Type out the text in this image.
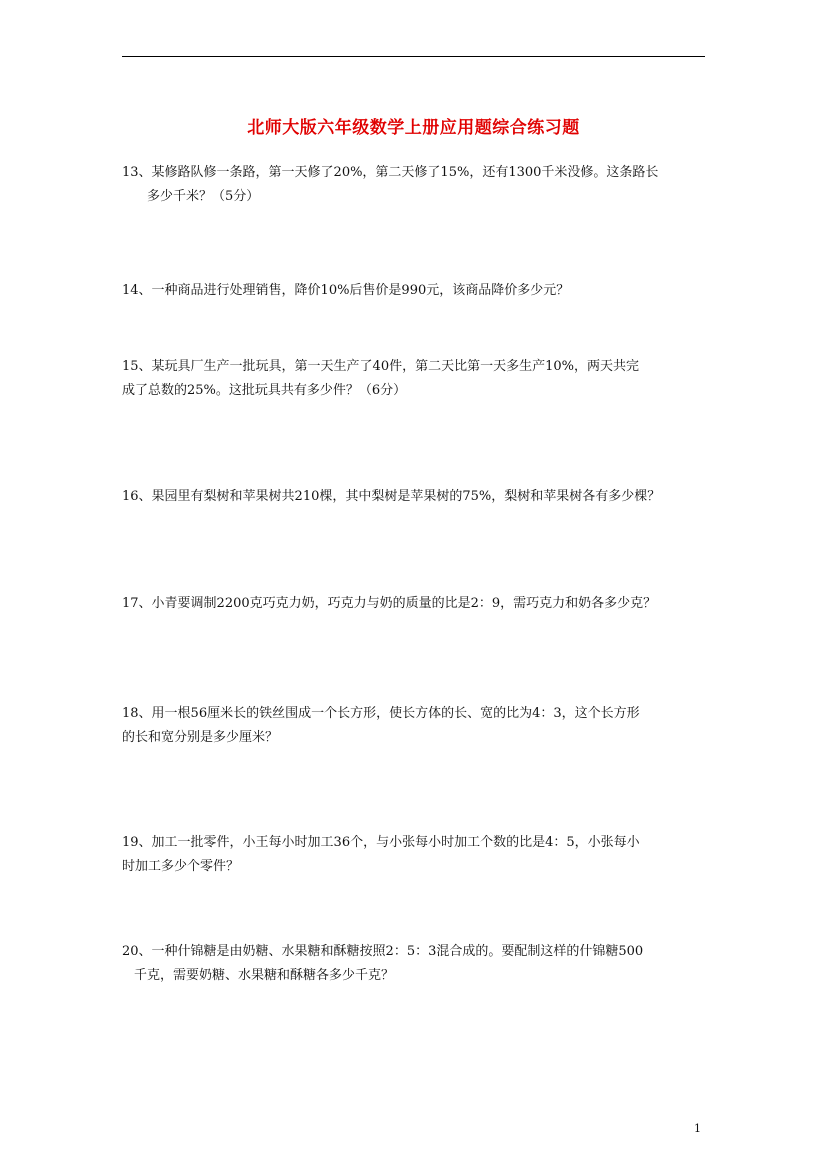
北师大版六年级数学上册应用题综合练习题
13、某修路队修一条路，第一天修了20%，第二天修了15%，还有1300千米没修。这条路长
多少千米？（5分）
14、一种商品进行处理销售，降价10%后售价是990元，该商品降价多少元？
15、某玩具厂生产一批玩具，第一天生产了40件，第二天比第一天多生产10%，两天共完
成了总数的25%。这批玩具共有多少件？（6分）
16、果园里有梨树和苹果树共210棵，其中梨树是苹果树的75%，梨树和苹果树各有多少棵？
17、小青要调制2200克巧克力奶，巧克力与奶的质量的比是2：9，需巧克力和奶各多少克？
18、用一根56厘米长的铁丝围成一个长方形，使长方体的长、宽的比为4：3，这个长方形
的长和宽分别是多少厘米？
19、加工一批零件，小王每小时加工36个，与小张每小时加工个数的比是4：5，小张每小
时加工多少个零件？
20、一种什锦糖是由奶糖、水果糖和酥糖按照2：5：3混合成的。要配制这样的什锦糖500
千克，需要奶糖、水果糖和酥糖各多少千克？
1
